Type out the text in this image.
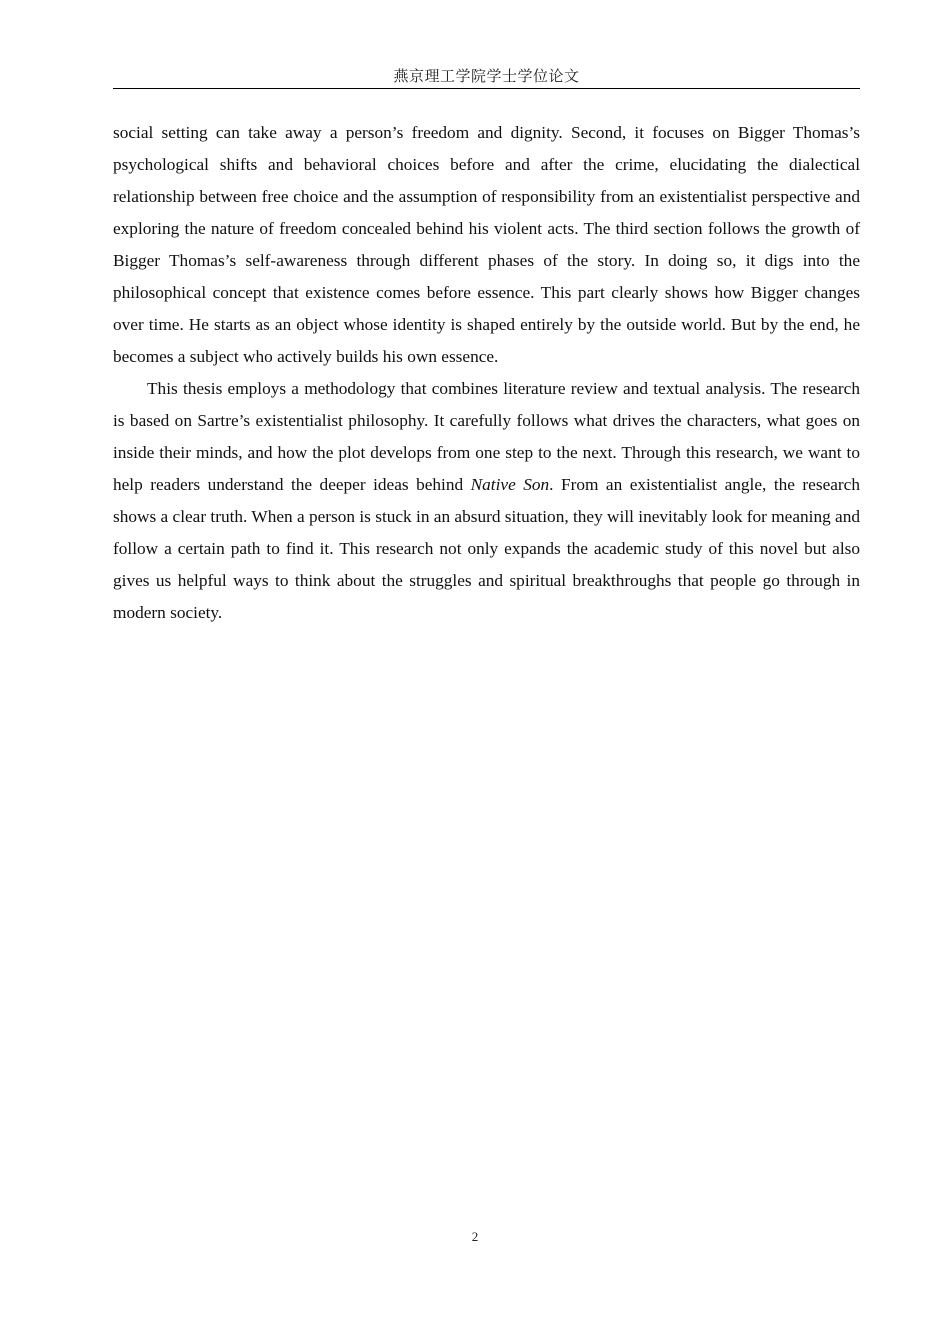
燕京理工学院学士学位论文

social setting can take away a person’s freedom and dignity. Second, it focuses on Bigger Thomas’s psychological shifts and behavioral choices before and after the crime, elucidating the dialectical relationship between free choice and the assumption of responsibility from an existentialist perspective and exploring the nature of freedom concealed behind his violent acts. The third section follows the growth of Bigger Thomas’s self-awareness through different phases of the story. In doing so, it digs into the philosophical concept that existence comes before essence. This part clearly shows how Bigger changes over time. He starts as an object whose identity is shaped entirely by the outside world. But by the end, he becomes a subject who actively builds his own essence.

This thesis employs a methodology that combines literature review and textual analysis. The research is based on Sartre’s existentialist philosophy. It carefully follows what drives the characters, what goes on inside their minds, and how the plot develops from one step to the next. Through this research, we want to help readers understand the deeper ideas behind Native Son. From an existentialist angle, the research shows a clear truth. When a person is stuck in an absurd situation, they will inevitably look for meaning and follow a certain path to find it. This research not only expands the academic study of this novel but also gives us helpful ways to think about the struggles and spiritual breakthroughs that people go through in modern society.

2
